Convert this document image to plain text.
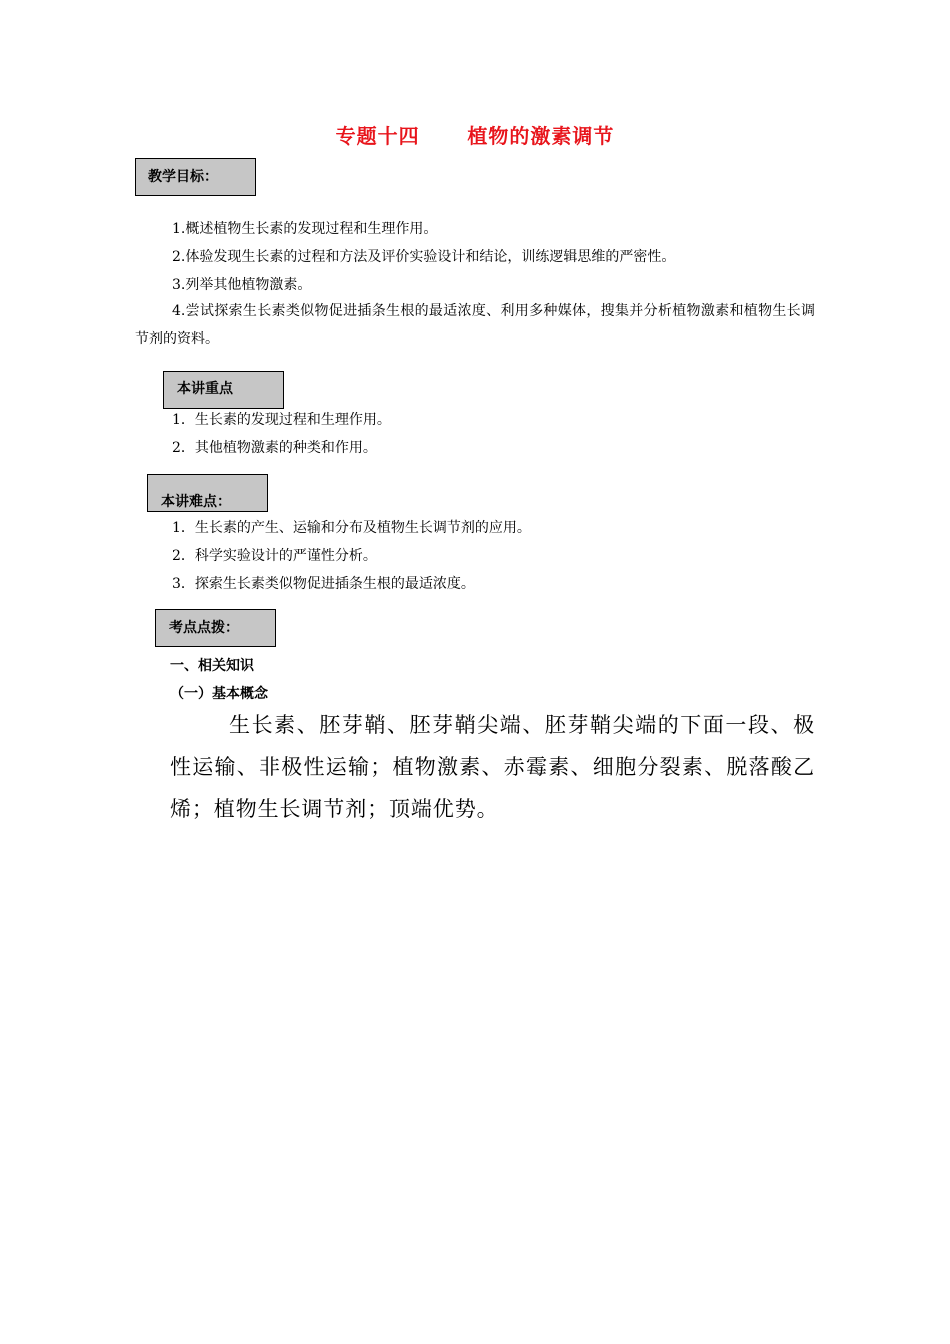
专题十四      植物的激素调节
教学目标：
1.概述植物生长素的发现过程和生理作用。
2.体验发现生长素的过程和方法及评价实验设计和结论，训练逻辑思维的严密性。
3.列举其他植物激素。
4.尝试探索生长素类似物促进插条生根的最适浓度、利用多种媒体，搜集并分析植物激素和植物生长调节剂的资料。
本讲重点
1．生长素的发现过程和生理作用。
2．其他植物激素的种类和作用。
本讲难点：
1．生长素的产生、运输和分布及植物生长调节剂的应用。
2．科学实验设计的严谨性分析。
3．探索生长素类似物促进插条生根的最适浓度。
考点点拨：
一、相关知识
（一）基本概念
生长素、胚芽鞘、胚芽鞘尖端、胚芽鞘尖端的下面一段、极性运输、非极性运输；植物激素、赤霉素、细胞分裂素、脱落酸乙烯；植物生长调节剂；顶端优势。
